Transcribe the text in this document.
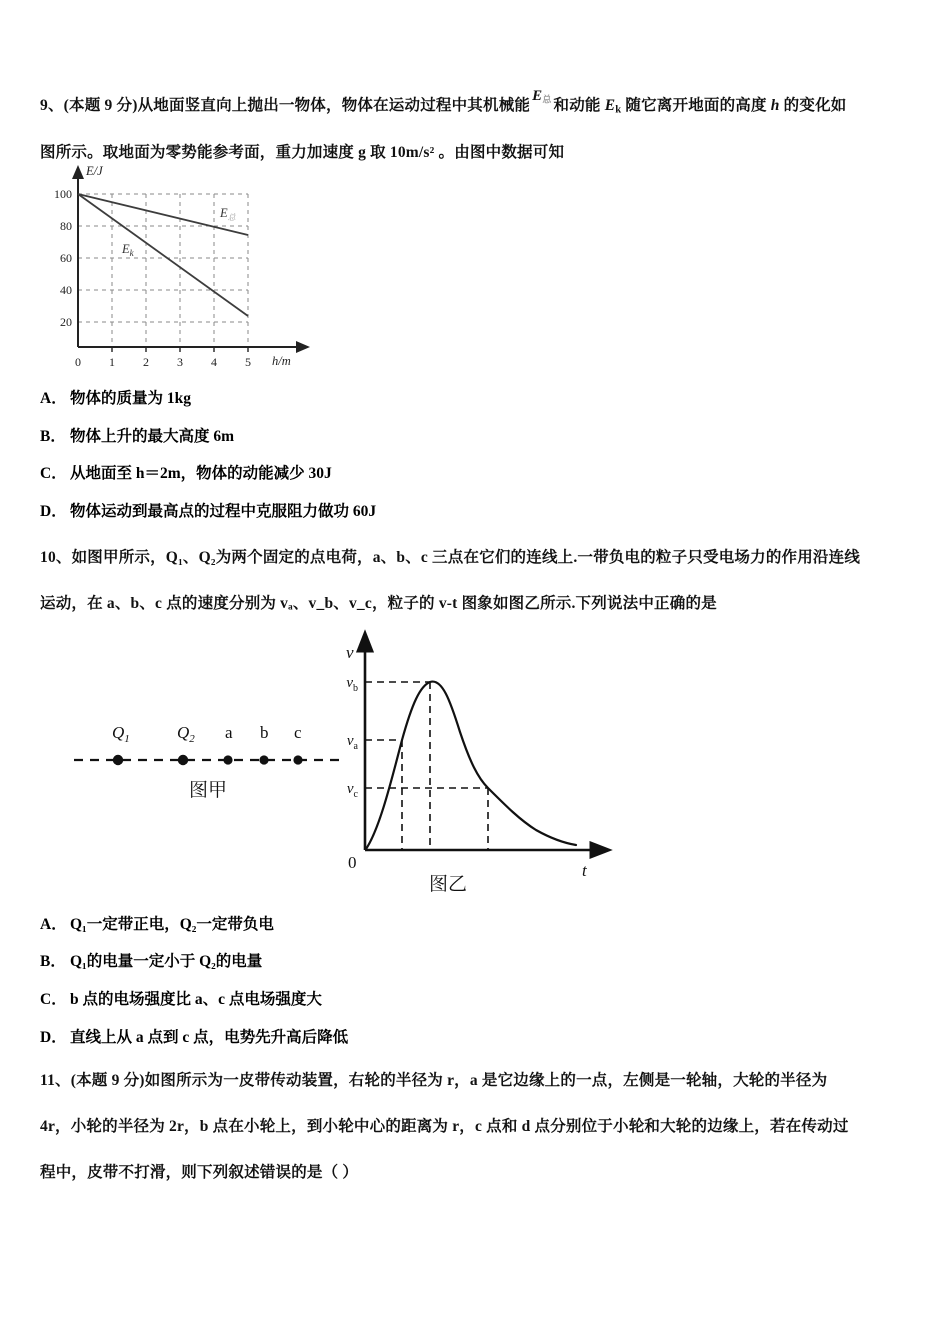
9、(本题 9 分)从地面竖直向上抛出一物体，物体在运动过程中其机械能E总 和动能 $E_k$ 随它离开地面的高度 h 的变化如

图所示。取地面为零势能参考面，重力加速度 g 取 10m/s² 。由图中数据可知

100
80
60
40
20
0 1 2 3 4 5
E/J
h/m
$E_总$
$E_k$
A． 物体的质量为 1kg
B． 物体上升的最大高度 6m
C． 从地面至 h＝2m，物体的动能减少 30J
D． 物体运动到最高点的过程中克服阻力做功 60J

10、如图甲所示，Q₁、Q₂为两个固定的点电荷，a、b、c 三点在它们的连线上.一带负电的粒子只受电场力的作用沿连线

运动，在 a、b、c 点的速度分别为 vₐ、v_b、v_c，粒子的 v-t 图象如图乙所示.下列说法中正确的是

$Q_1$	$Q_2$ a b c
图甲
v
t
0
$v_b$
$v_a$
$v_c$
图乙
A． Q₁一定带正电，Q₂一定带负电
B． Q₁的电量一定小于 Q₂的电量
C． b 点的电场强度比 a、c 点电场强度大
D． 直线上从 a 点到 c 点，电势先升高后降低

11、(本题 9 分)如图所示为一皮带传动装置，右轮的半径为 r，a 是它边缘上的一点，左侧是一轮轴，大轮的半径为

4r，小轮的半径为 2r，b 点在小轮上，到小轮中心的距离为 r，c 点和 d 点分别位于小轮和大轮的边缘上，若在传动过

程中，皮带不打滑，则下列叙述错误的是（ ）
